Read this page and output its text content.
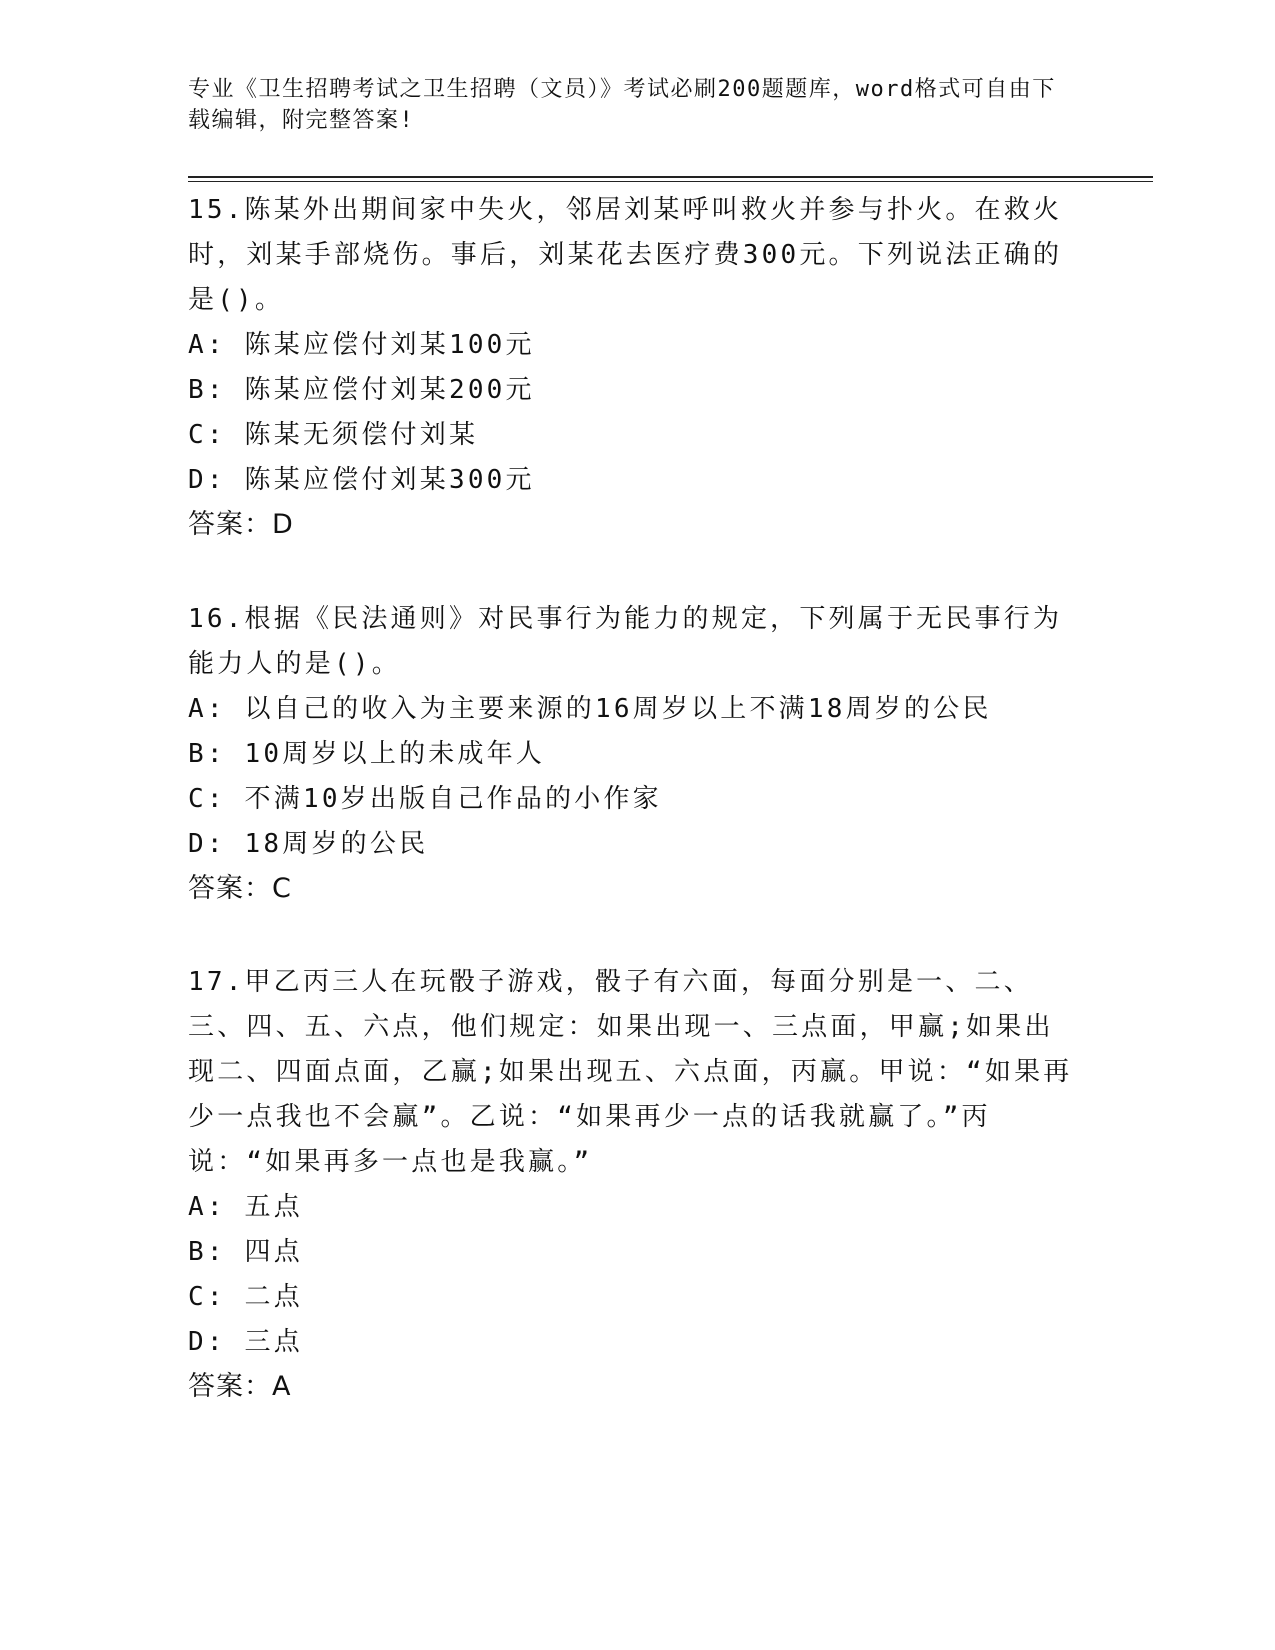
专业《卫生招聘考试之卫生招聘（文员）》考试必刷200题题库，word格式可自由下载编辑，附完整答案!

15.陈某外出期间家中失火，邻居刘某呼叫救火并参与扑火。在救火时，刘某手部烧伤。事后，刘某花去医疗费300元。下列说法正确的是()。

A: 陈某应偿付刘某100元
B: 陈某应偿付刘某200元
C: 陈某无须偿付刘某
D: 陈某应偿付刘某300元
答案：D

16.根据《民法通则》对民事行为能力的规定，下列属于无民事行为能力人的是()。

A: 以自己的收入为主要来源的16周岁以上不满18周岁的公民
B: 10周岁以上的未成年人
C: 不满10岁出版自己作品的小作家
D: 18周岁的公民
答案：C

17.甲乙丙三人在玩骰子游戏，骰子有六面，每面分别是一、二、三、四、五、六点，他们规定：如果出现一、三点面，甲赢;如果出现二、四面点面，乙赢;如果出现五、六点面，丙赢。甲说：“如果再少一点我也不会赢”。乙说：“如果再少一点的话我就赢了。”丙说：“如果再多一点也是我赢。”

A: 五点
B: 四点
C: 二点
D: 三点
答案：A
